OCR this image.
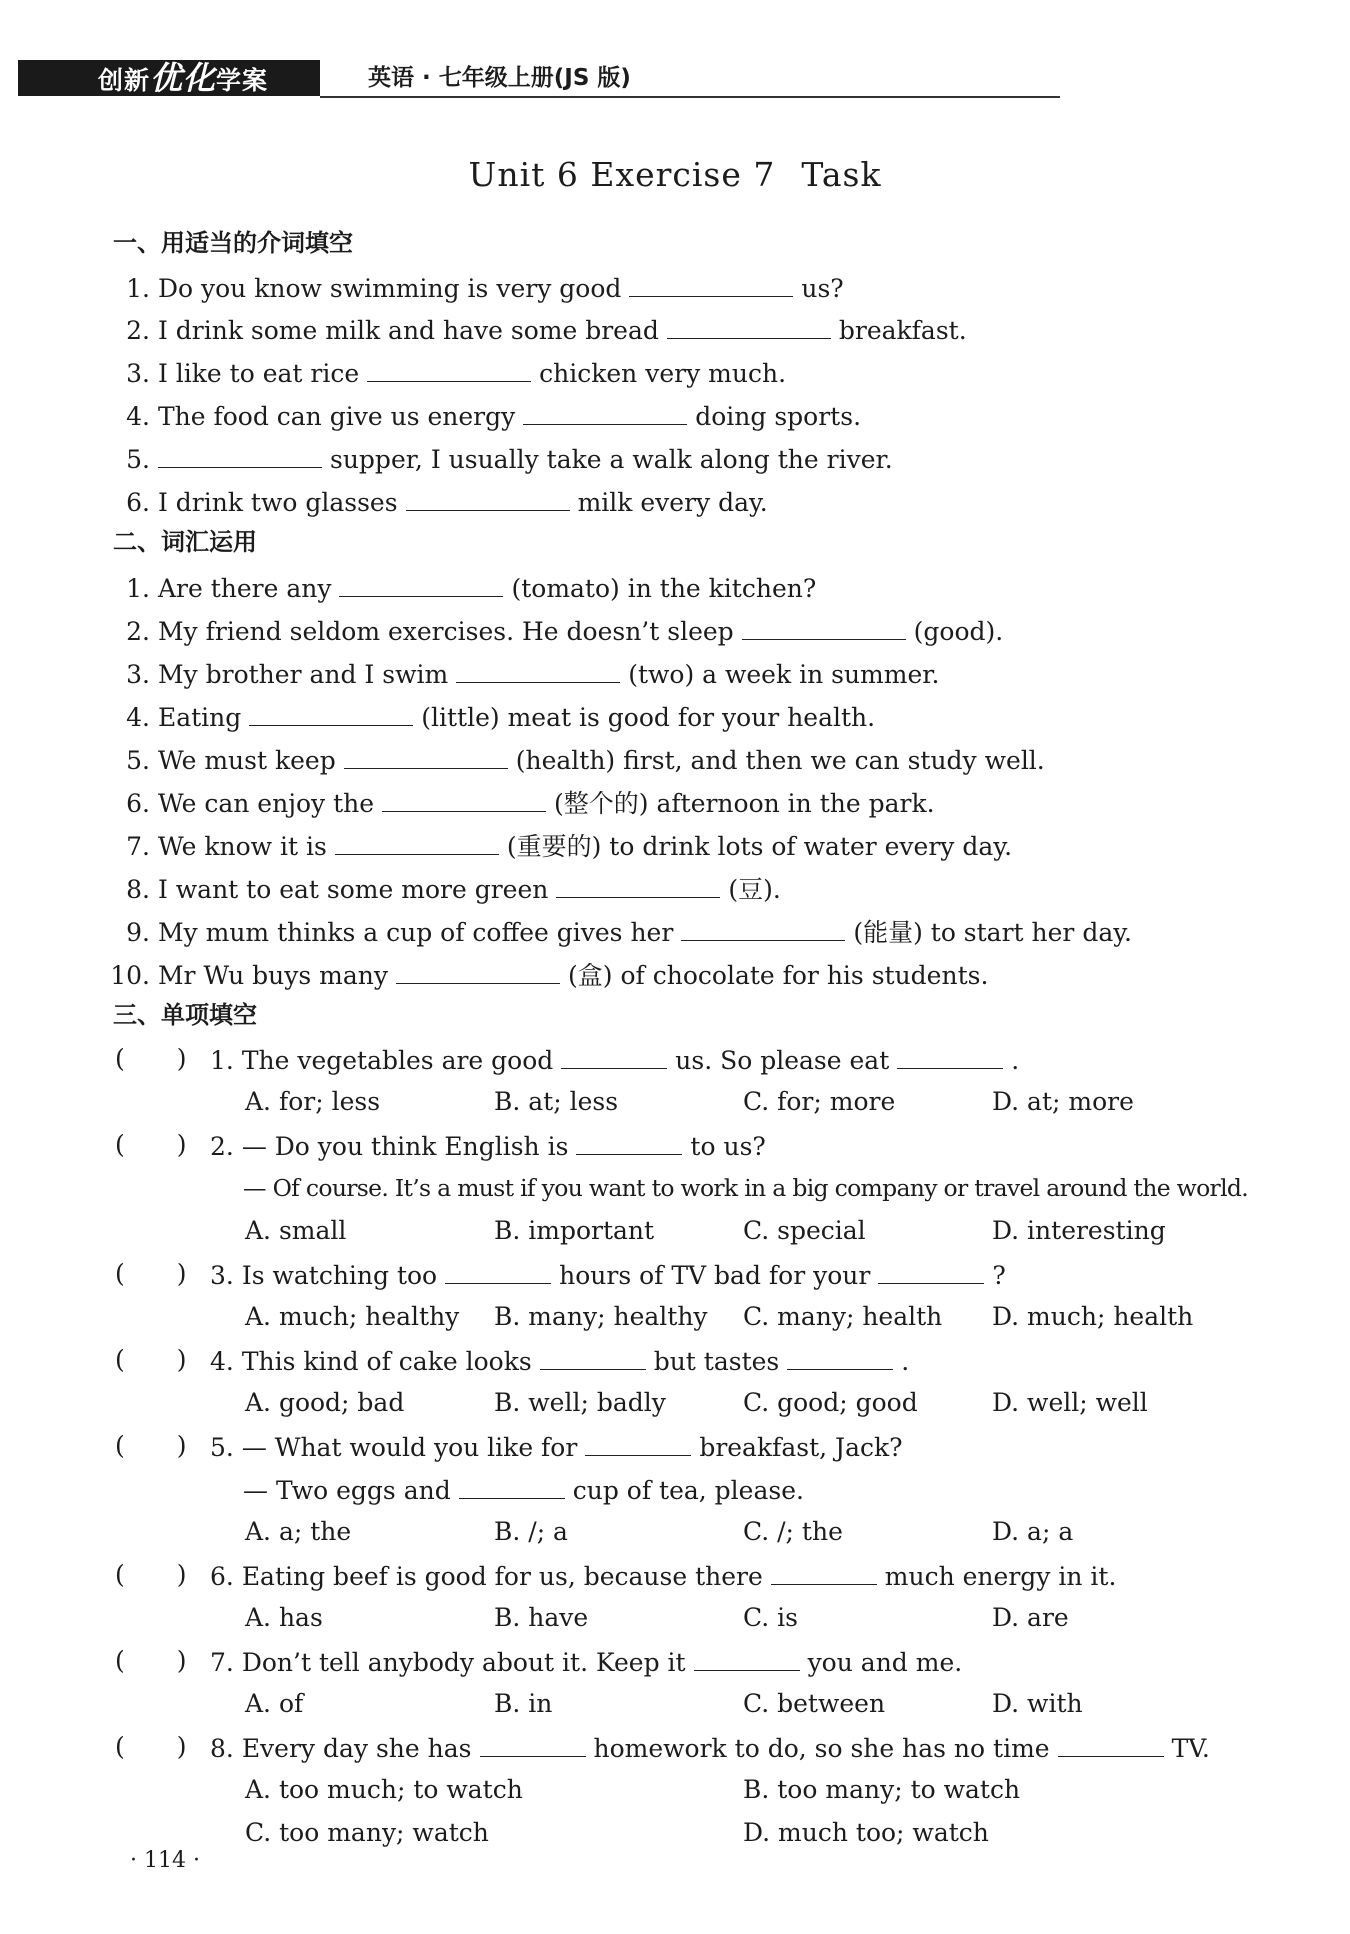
创新优化学案	英语 · 七年级上册(JS 版)
Unit 6 Exercise 7 Task
一、用适当的介词填空
1. Do you know swimming is very good	us?
2. I drink some milk and have some bread	breakfast.
3. I like to eat rice	chicken very much.
4. The food can give us energy	doing sports.
5.	supper, I usually take a walk along the river.
6. I drink two glasses	milk every day.
二、词汇运用
1. Are there any	(tomato) in the kitchen?
2. My friend seldom exercises. He doesn’t sleep	(good).
3. My brother and I swim	(two) a week in summer.
4. Eating	(little) meat is good for your health.
5. We must keep	(health) first, and then we can study well.
6. We can enjoy the	(整个的) afternoon in the park.
7. We know it is	(重要的) to drink lots of water every day.
8. I want to eat some more green	(豆).
9. My mum thinks a cup of coffee gives her	(能量) to start her day.
10. Mr Wu buys many	(盒) of chocolate for his students.
三、单项填空
( ) 1. The vegetables are good	us. So please eat	.
A. for; less	B. at; less	C. for; more	D. at; more
( ) 2. — Do you think English is	to us?
— Of course. It’s a must if you want to work in a big company or travel around the world.
A. small	B. important	C. special	D. interesting
( ) 3. Is watching too	hours of TV bad for your	?
A. much; healthy B. many; healthy C. many; health D. much; health
( ) 4. This kind of cake looks	but tastes	.
A. good; bad	B. well; badly	C. good; good	D. well; well
( ) 5. — What would you like for	breakfast, Jack?
— Two eggs and	cup of tea, please.
A. a; the	B. /; a	C. /; the	D. a; a
( ) 6. Eating beef is good for us, because there	much energy in it.
A. has	B. have	C. is	D. are
( ) 7. Don’t tell anybody about it. Keep it	you and me.
A. of	B. in	C. between	D. with
( ) 8. Every day she has	homework to do, so she has no time	TV.
A. too much; to watch	B. too many; to watch
C. too many; watch	D. much too; watch
· 114 ·
